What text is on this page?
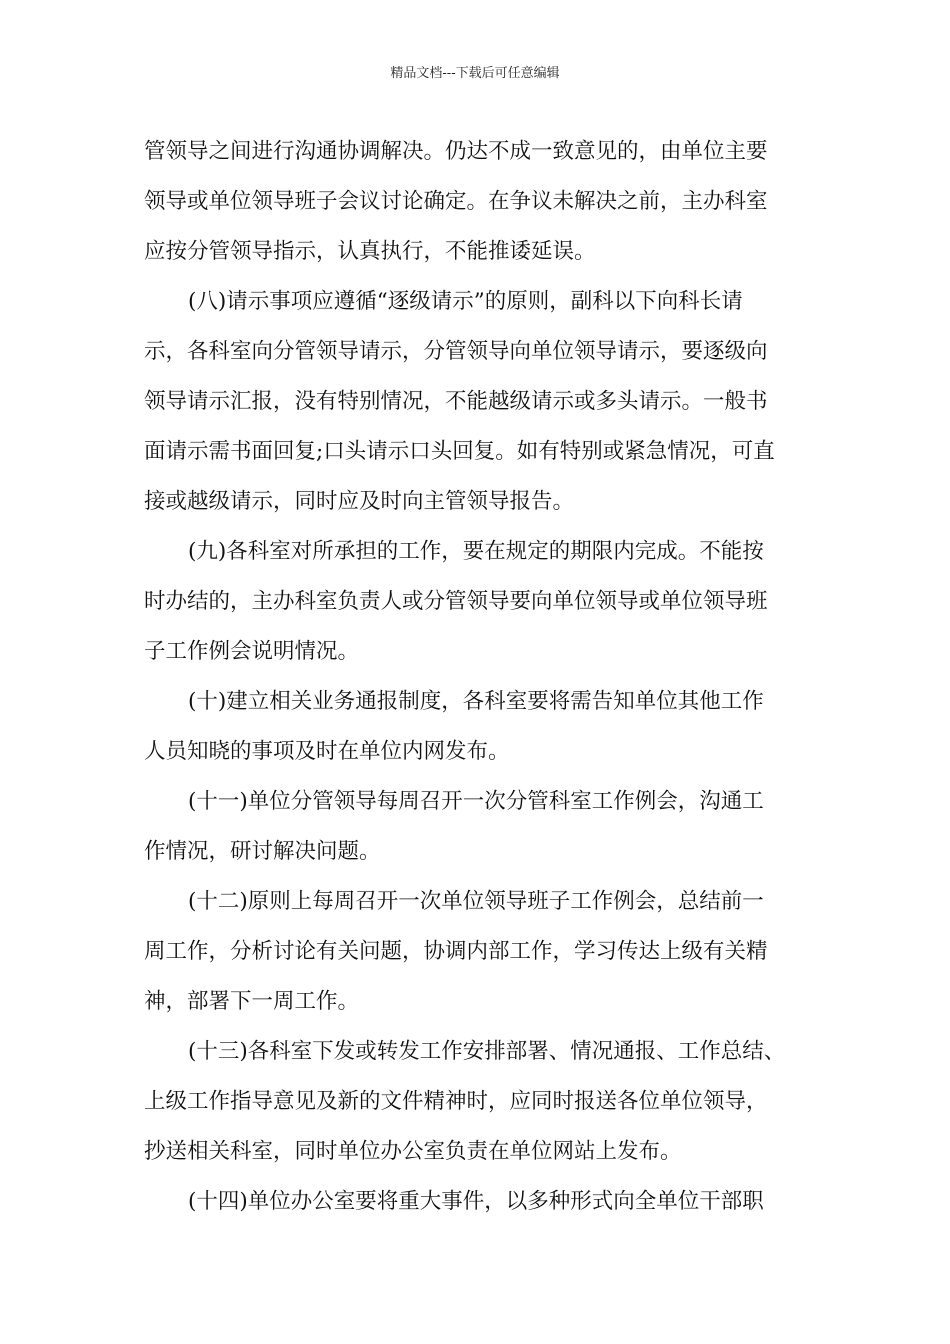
精品文档---下载后可任意编辑
管领导之间进行沟通协调解决。仍达不成一致意见的，由单位主要
领导或单位领导班子会议讨论确定。在争议未解决之前，主办科室
应按分管领导指示，认真执行，不能推诿延误。
(八)请示事项应遵循“逐级请示”的原则，副科以下向科长请
示，各科室向分管领导请示，分管领导向单位领导请示，要逐级向
领导请示汇报，没有特别情况，不能越级请示或多头请示。一般书
面请示需书面回复;口头请示口头回复。如有特别或紧急情况，可直
接或越级请示，同时应及时向主管领导报告。
(九)各科室对所承担的工作，要在规定的期限内完成。不能按
时办结的，主办科室负责人或分管领导要向单位领导或单位领导班
子工作例会说明情况。
(十)建立相关业务通报制度，各科室要将需告知单位其他工作
人员知晓的事项及时在单位内网发布。
(十一)单位分管领导每周召开一次分管科室工作例会，沟通工
作情况，研讨解决问题。
(十二)原则上每周召开一次单位领导班子工作例会，总结前一
周工作，分析讨论有关问题，协调内部工作，学习传达上级有关精
神，部署下一周工作。
(十三)各科室下发或转发工作安排部署、情况通报、工作总结、
上级工作指导意见及新的文件精神时，应同时报送各位单位领导，
抄送相关科室，同时单位办公室负责在单位网站上发布。
(十四)单位办公室要将重大事件，以多种形式向全单位干部职
